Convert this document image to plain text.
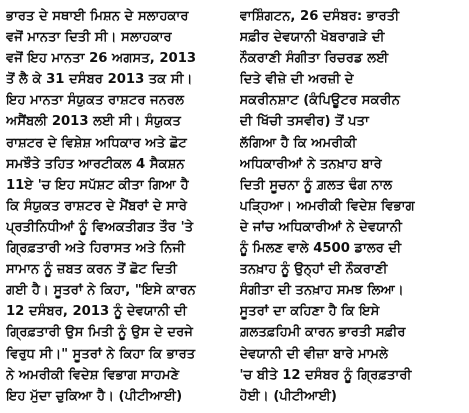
ਭਾਰਤ ਦੇ ਸਥਾਈ ਮਿਸ਼ਨ ਦੇ ਸਲਾਹਕਾਰ
ਵਜੋਂ ਮਾਨਤਾ ਦਿਤੀ ਸੀ। ਸਲਾਹਕਾਰ
ਵਜੋਂ ਇਹ ਮਾਨਤਾ 26 ਅਗਸਤ, 2013
ਤੋਂ ਲੈ ਕੇ 31 ਦਸੰਬਰ 2013 ਤਕ ਸੀ।
ਇਹ ਮਾਨਤਾ ਸੰਯੁਕਤ ਰਾਸ਼ਟਰ ਜਨਰਲ
ਅਸੈਂਬਲੀ 2013 ਲਈ ਸੀ। ਸੰਯੁਕਤ
ਰਾਸ਼ਟਰ ਦੇ ਵਿਸ਼ੇਸ਼ ਅਧਿਕਾਰ ਅਤੇ ਛੋਟ
ਸਮਝੌਤੇ ਤਹਿਤ ਆਰਟੀਕਲ 4 ਸੈਕਸ਼ਨ
11ਏ 'ਚ ਇਹ ਸਪੱਸ਼ਟ ਕੀਤਾ ਗਿਆ ਹੈ
ਕਿ ਸੰਯੁਕਤ ਰਾਸ਼ਟਰ ਦੇ ਮੈਂਬਰਾਂ ਦੇ ਸਾਰੇ
ਪ੍ਰਤੀਨਿਧੀਆਂ ਨੂੰ ਵਿਅਕਤੀਗਤ ਤੌਰ 'ਤੇ
ਗ੍ਰਿਫ਼ਤਾਰੀ ਅਤੇ ਹਿਰਾਸਤ ਅਤੇ ਨਿਜੀ
ਸਾਮਾਨ ਨੂੰ ਜ਼ਬਤ ਕਰਨ ਤੋਂ ਛੋਟ ਦਿਤੀ
ਗਈ ਹੈ। ਸੂਤਰਾਂ ਨੇ ਕਿਹਾ, "ਇਸੇ ਕਾਰਨ
12 ਦਸੰਬਰ, 2013 ਨੂੰ ਦੇਵਯਾਨੀ ਦੀ
ਗ੍ਰਿਫ਼ਤਾਰੀ ਉਸ ਮਿਤੀ ਨੂੰ ਉਸ ਦੇ ਦਰਜੇ
ਵਿਰੁਧ ਸੀ।" ਸੂਤਰਾਂ ਨੇ ਕਿਹਾ ਕਿ ਭਾਰਤ
ਨੇ ਅਮਰੀਕੀ ਵਿਦੇਸ਼ ਵਿਭਾਗ ਸਾਹਮਣੇ
ਇਹ ਮੁੱਦਾ ਚੁਕਿਆ ਹੈ। (ਪੀਟੀਆਈ)
ਵਾਸ਼ਿੰਗਟਨ, 26 ਦਸੰਬਰ: ਭਾਰਤੀ
ਸਫ਼ੀਰ ਦੇਵਯਾਨੀ ਖੋਬਰਾਗੜੇ ਦੀ
ਨੌਕਰਾਣੀ ਸੰਗੀਤਾ ਰਿਚਰਡ ਲਈ
ਦਿਤੇ ਵੀਜ਼ੇ ਦੀ ਅਰਜ਼ੀ ਦੇ
ਸਕਰੀਨਸ਼ਾਟ (ਕੰਪਿਊਟਰ ਸਕਰੀਨ
ਦੀ ਖਿੱਚੀ ਤਸਵੀਰ) ਤੋਂ ਪਤਾ
ਲੱਗਿਆ ਹੈ ਕਿ ਅਮਰੀਕੀ
ਅਧਿਕਾਰੀਆਂ ਨੇ ਤਨਖ਼ਾਹ ਬਾਰੇ
ਦਿਤੀ ਸੂਚਨਾ ਨੂੰ ਗ਼ਲਤ ਢੰਗ ਨਾਲ
ਪੜ੍ਹਿਆ। ਅਮਰੀਕੀ ਵਿਦੇਸ਼ ਵਿਭਾਗ
ਦੇ ਜਾਂਚ ਅਧਿਕਾਰੀਆਂ ਨੇ ਦੇਵਯਾਨੀ
ਨੂੰ ਮਿਲਣ ਵਾਲੇ 4500 ਡਾਲਰ ਦੀ
ਤਨਖ਼ਾਹ ਨੂੰ ਉਨ੍ਹਾਂ ਦੀ ਨੌਕਰਾਣੀ
ਸੰਗੀਤਾ ਦੀ ਤਨਖ਼ਾਹ ਸਮਝ ਲਿਆ।
ਸੂਤਰਾਂ ਦਾ ਕਹਿਣਾ ਹੈ ਕਿ ਇਸੇ
ਗ਼ਲਤਫ਼ਹਿਮੀ ਕਾਰਨ ਭਾਰਤੀ ਸਫ਼ੀਰ
ਦੇਵਯਾਨੀ ਦੀ ਵੀਜ਼ਾ ਬਾਰੇ ਮਾਮਲੇ
'ਚ ਬੀਤੇ 12 ਦਸੰਬਰ ਨੂੰ ਗ੍ਰਿਫ਼ਤਾਰੀ
ਹੋਈ। (ਪੀਟੀਆਈ)
